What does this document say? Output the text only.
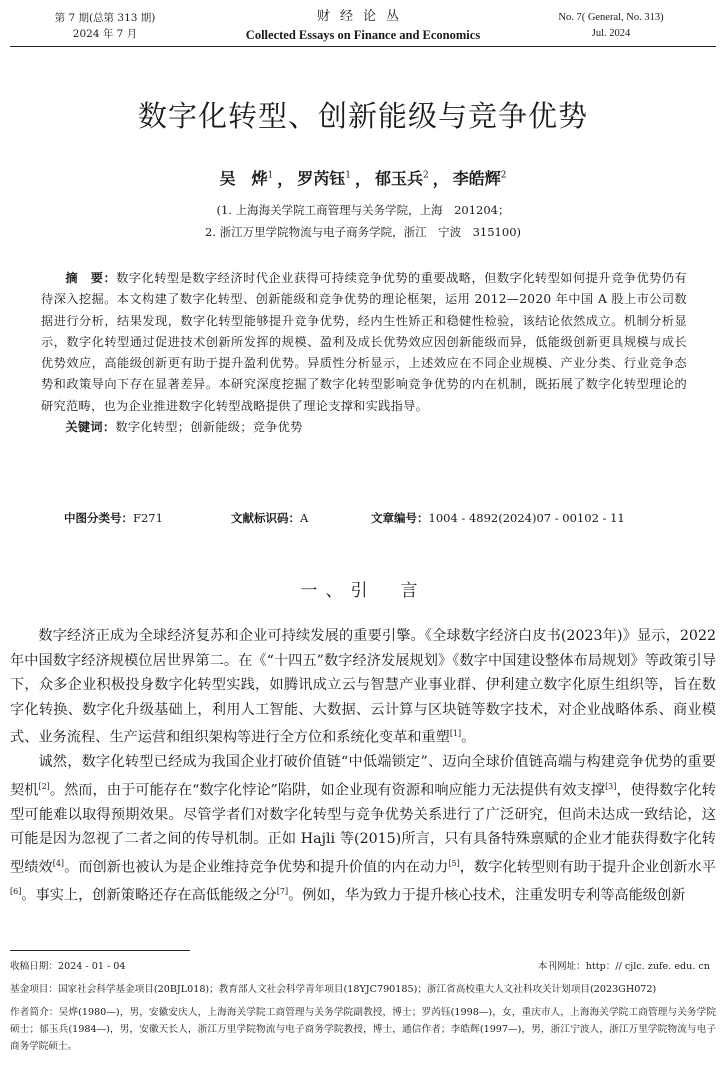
第 7 期(总第 313 期)
2024 年 7 月
财经论丛
Collected Essays on Finance and Economics
No. 7( General, No. 313)
Jul. 2024
数字化转型、创新能级与竞争优势
吴　烨$^1$ ， 罗芮钰$^1$ ， 郁玉兵$^2$ ， 李皓辉$^2$
(1. 上海海关学院工商管理与关务学院，上海　201204；
2. 浙江万里学院物流与电子商务学院，浙江　宁波　315100)
摘　要：数字化转型是数字经济时代企业获得可持续竞争优势的重要战略，但数字化转型如何提升竞争优势仍有待深入挖掘。本文构建了数字化转型、创新能级和竞争优势的理论框架，运用 2012—2020 年中国 A 股上市公司数据进行分析，结果发现，数字化转型能够提升竞争优势，经内生性矫正和稳健性检验，该结论依然成立。机制分析显示，数字化转型通过促进技术创新所发挥的规模、盈利及成长优势效应因创新能级而异，低能级创新更具规模与成长优势效应，高能级创新更有助于提升盈利优势。异质性分析显示，上述效应在不同企业规模、产业分类、行业竞争态势和政策导向下存在显著差异。本研究深度挖掘了数字化转型影响竞争优势的内在机制，既拓展了数字化转型理论的研究范畴，也为企业推进数字化转型战略提供了理论支撑和实践指导。
关键词：数字化转型；创新能级；竞争优势
中图分类号：F271	文献标识码：A	文章编号：1004 - 4892(2024)07 - 00102 - 11
一、引　言

数字经济正成为全球经济复苏和企业可持续发展的重要引擎。《全球数字经济白皮书(2023年)》显示，2022 年中国数字经济规模位居世界第二。在《“十四五”数字经济发展规划》《数字中国建设整体布局规划》等政策引导下，众多企业积极投身数字化转型实践，如腾讯成立云与智慧产业事业群、伊利建立数字化原生组织等，旨在数字化转换、数字化升级基础上，利用人工智能、大数据、云计算与区块链等数字技术，对企业战略体系、商业模式、业务流程、生产运营和组织架构等进行全方位和系统化变革和重塑[1]。

诚然，数字化转型已经成为我国企业打破价值链“中低端锁定”、迈向全球价值链高端与构建竞争优势的重要契机[2]。然而，由于可能存在“数字化悖论”陷阱，如企业现有资源和响应能力无法提供有效支撑[3]，使得数字化转型可能难以取得预期效果。尽管学者们对数字化转型与竞争优势关系进行了广泛研究，但尚未达成一致结论，这可能是因为忽视了二者之间的传导机制。正如 Hajli 等(2015)所言，只有具备特殊禀赋的企业才能获得数字化转型绩效[4]。而创新也被认为是企业维持竞争优势和提升价值的内在动力[5]，数字化转型则有助于提升企业创新水平[6]。事实上，创新策略还存在高低能级之分[7]。例如，华为致力于提升核心技术，注重发明专利等高能级创新

收稿日期：2024 - 01 - 04	本刊网址：http：// cjlc. zufe. edu. cn

基金项目：国家社会科学基金项目(20BJL018)；教育部人文社会科学青年项目(18YJC790185)；浙江省高校重大人文社科攻关计划项目(2023GH072)

作者简介：吴烨(1980—)，男，安徽安庆人，上海海关学院工商管理与关务学院副教授，博士；罗芮钰(1998—)，女，重庆市人，上海海关学院工商管理与关务学院硕士；郁玉兵(1984—)，男，安徽天长人，浙江万里学院物流与电子商务学院教授，博士，通信作者；李皓辉(1997—)，男，浙江宁波人，浙江万里学院物流与电子商务学院硕士。
